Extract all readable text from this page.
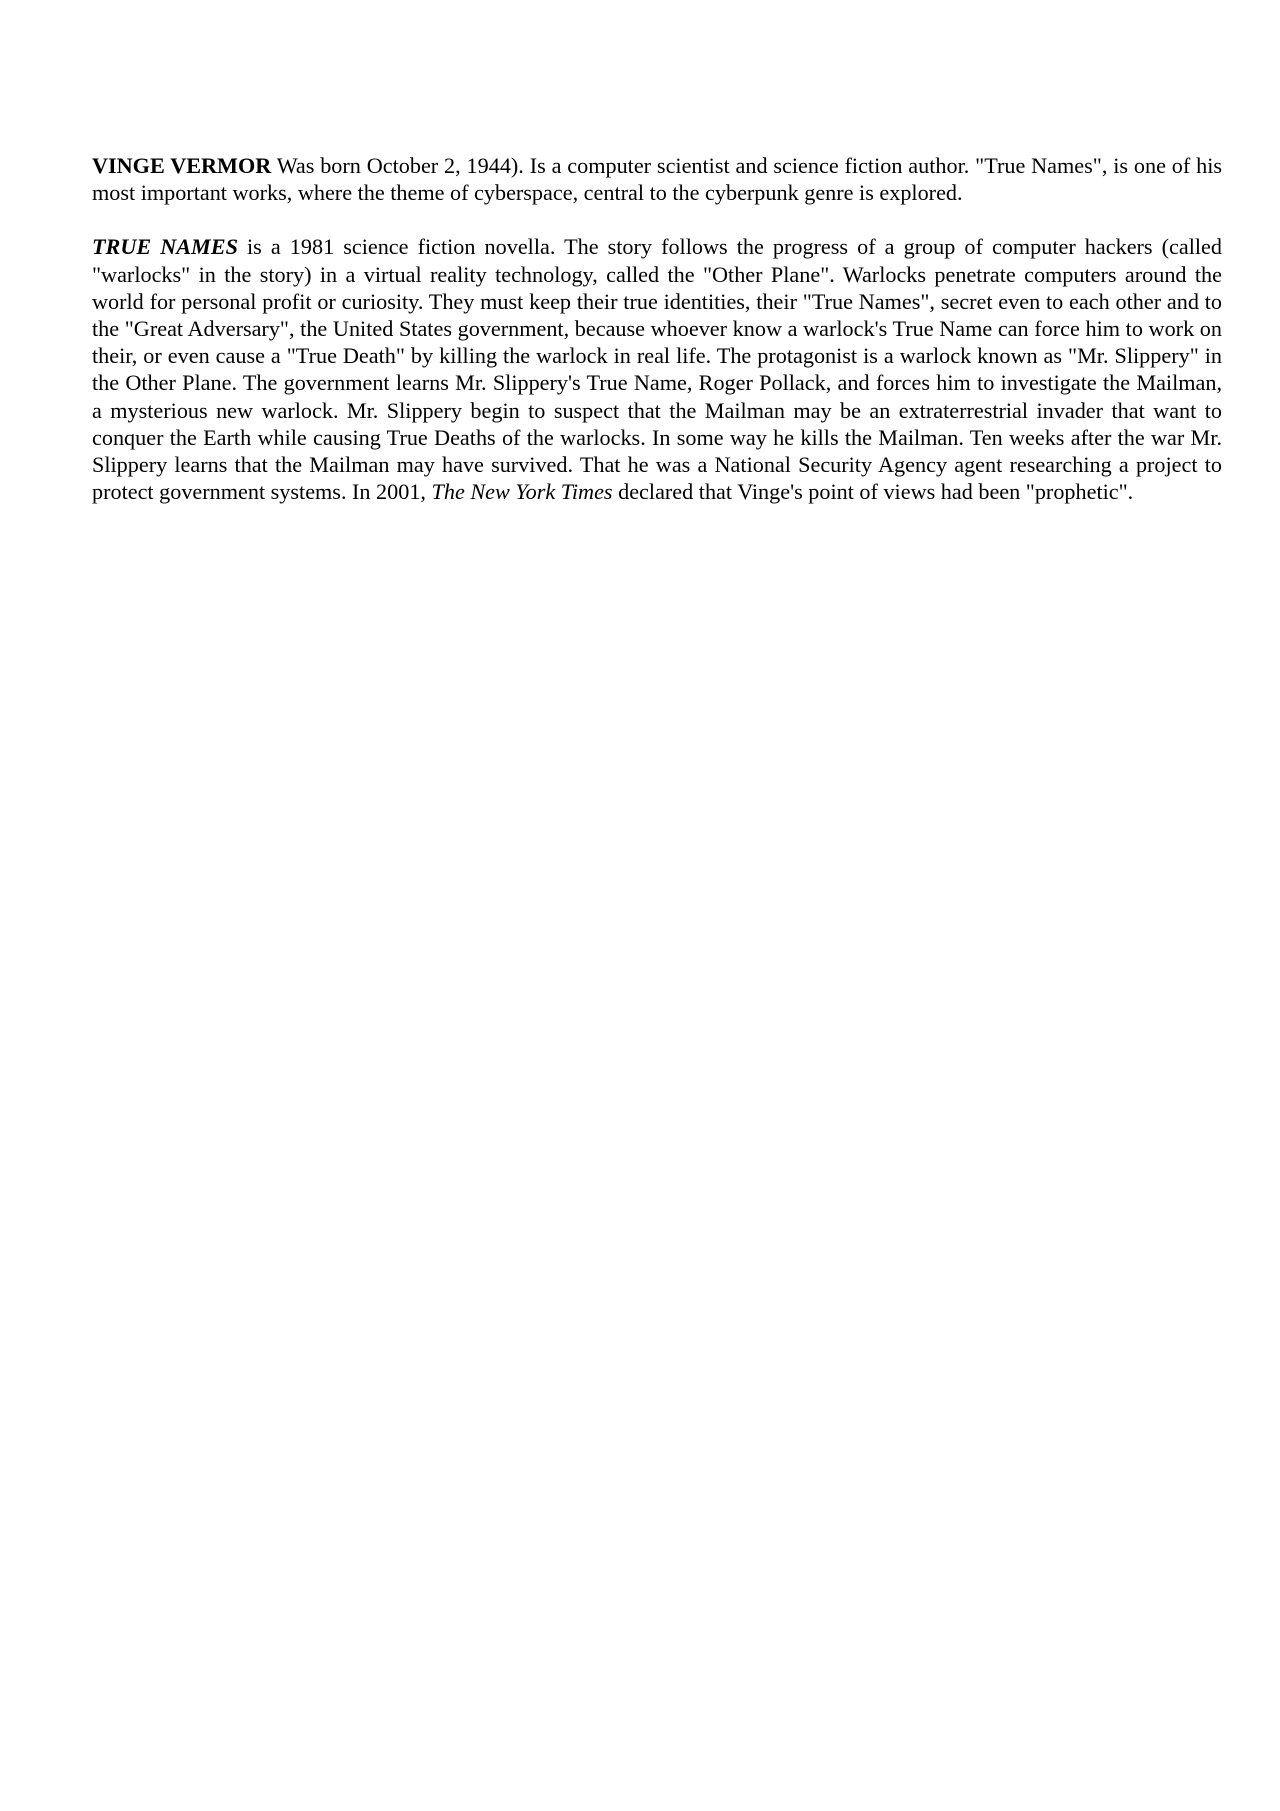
VINGE VERMOR Was born October 2, 1944). Is a computer scientist and science fiction author. "True Names", is one of his most important works, where the theme of cyberspace, central to the cyberpunk genre is explored.

TRUE NAMES is a 1981 science fiction novella. The story follows the progress of a group of computer hackers (called "warlocks" in the story) in a virtual reality technology, called the "Other Plane". Warlocks penetrate computers around the world for personal profit or curiosity. They must keep their true identities, their "True Names", secret even to each other and to the "Great Adversary", the United States government, because whoever know a warlock's True Name can force him to work on their, or even cause a "True Death" by killing the warlock in real life. The protagonist is a warlock known as "Mr. Slippery" in the Other Plane. The government learns Mr. Slippery's True Name, Roger Pollack, and forces him to investigate the Mailman, a mysterious new warlock. Mr. Slippery begin to suspect that the Mailman may be an extraterrestrial invader that want to conquer the Earth while causing True Deaths of the warlocks. In some way he kills the Mailman. Ten weeks after the war Mr. Slippery learns that the Mailman may have survived. That he was a National Security Agency agent researching a project to protect government systems. In 2001, The New York Times declared that Vinge's point of views had been "prophetic".
